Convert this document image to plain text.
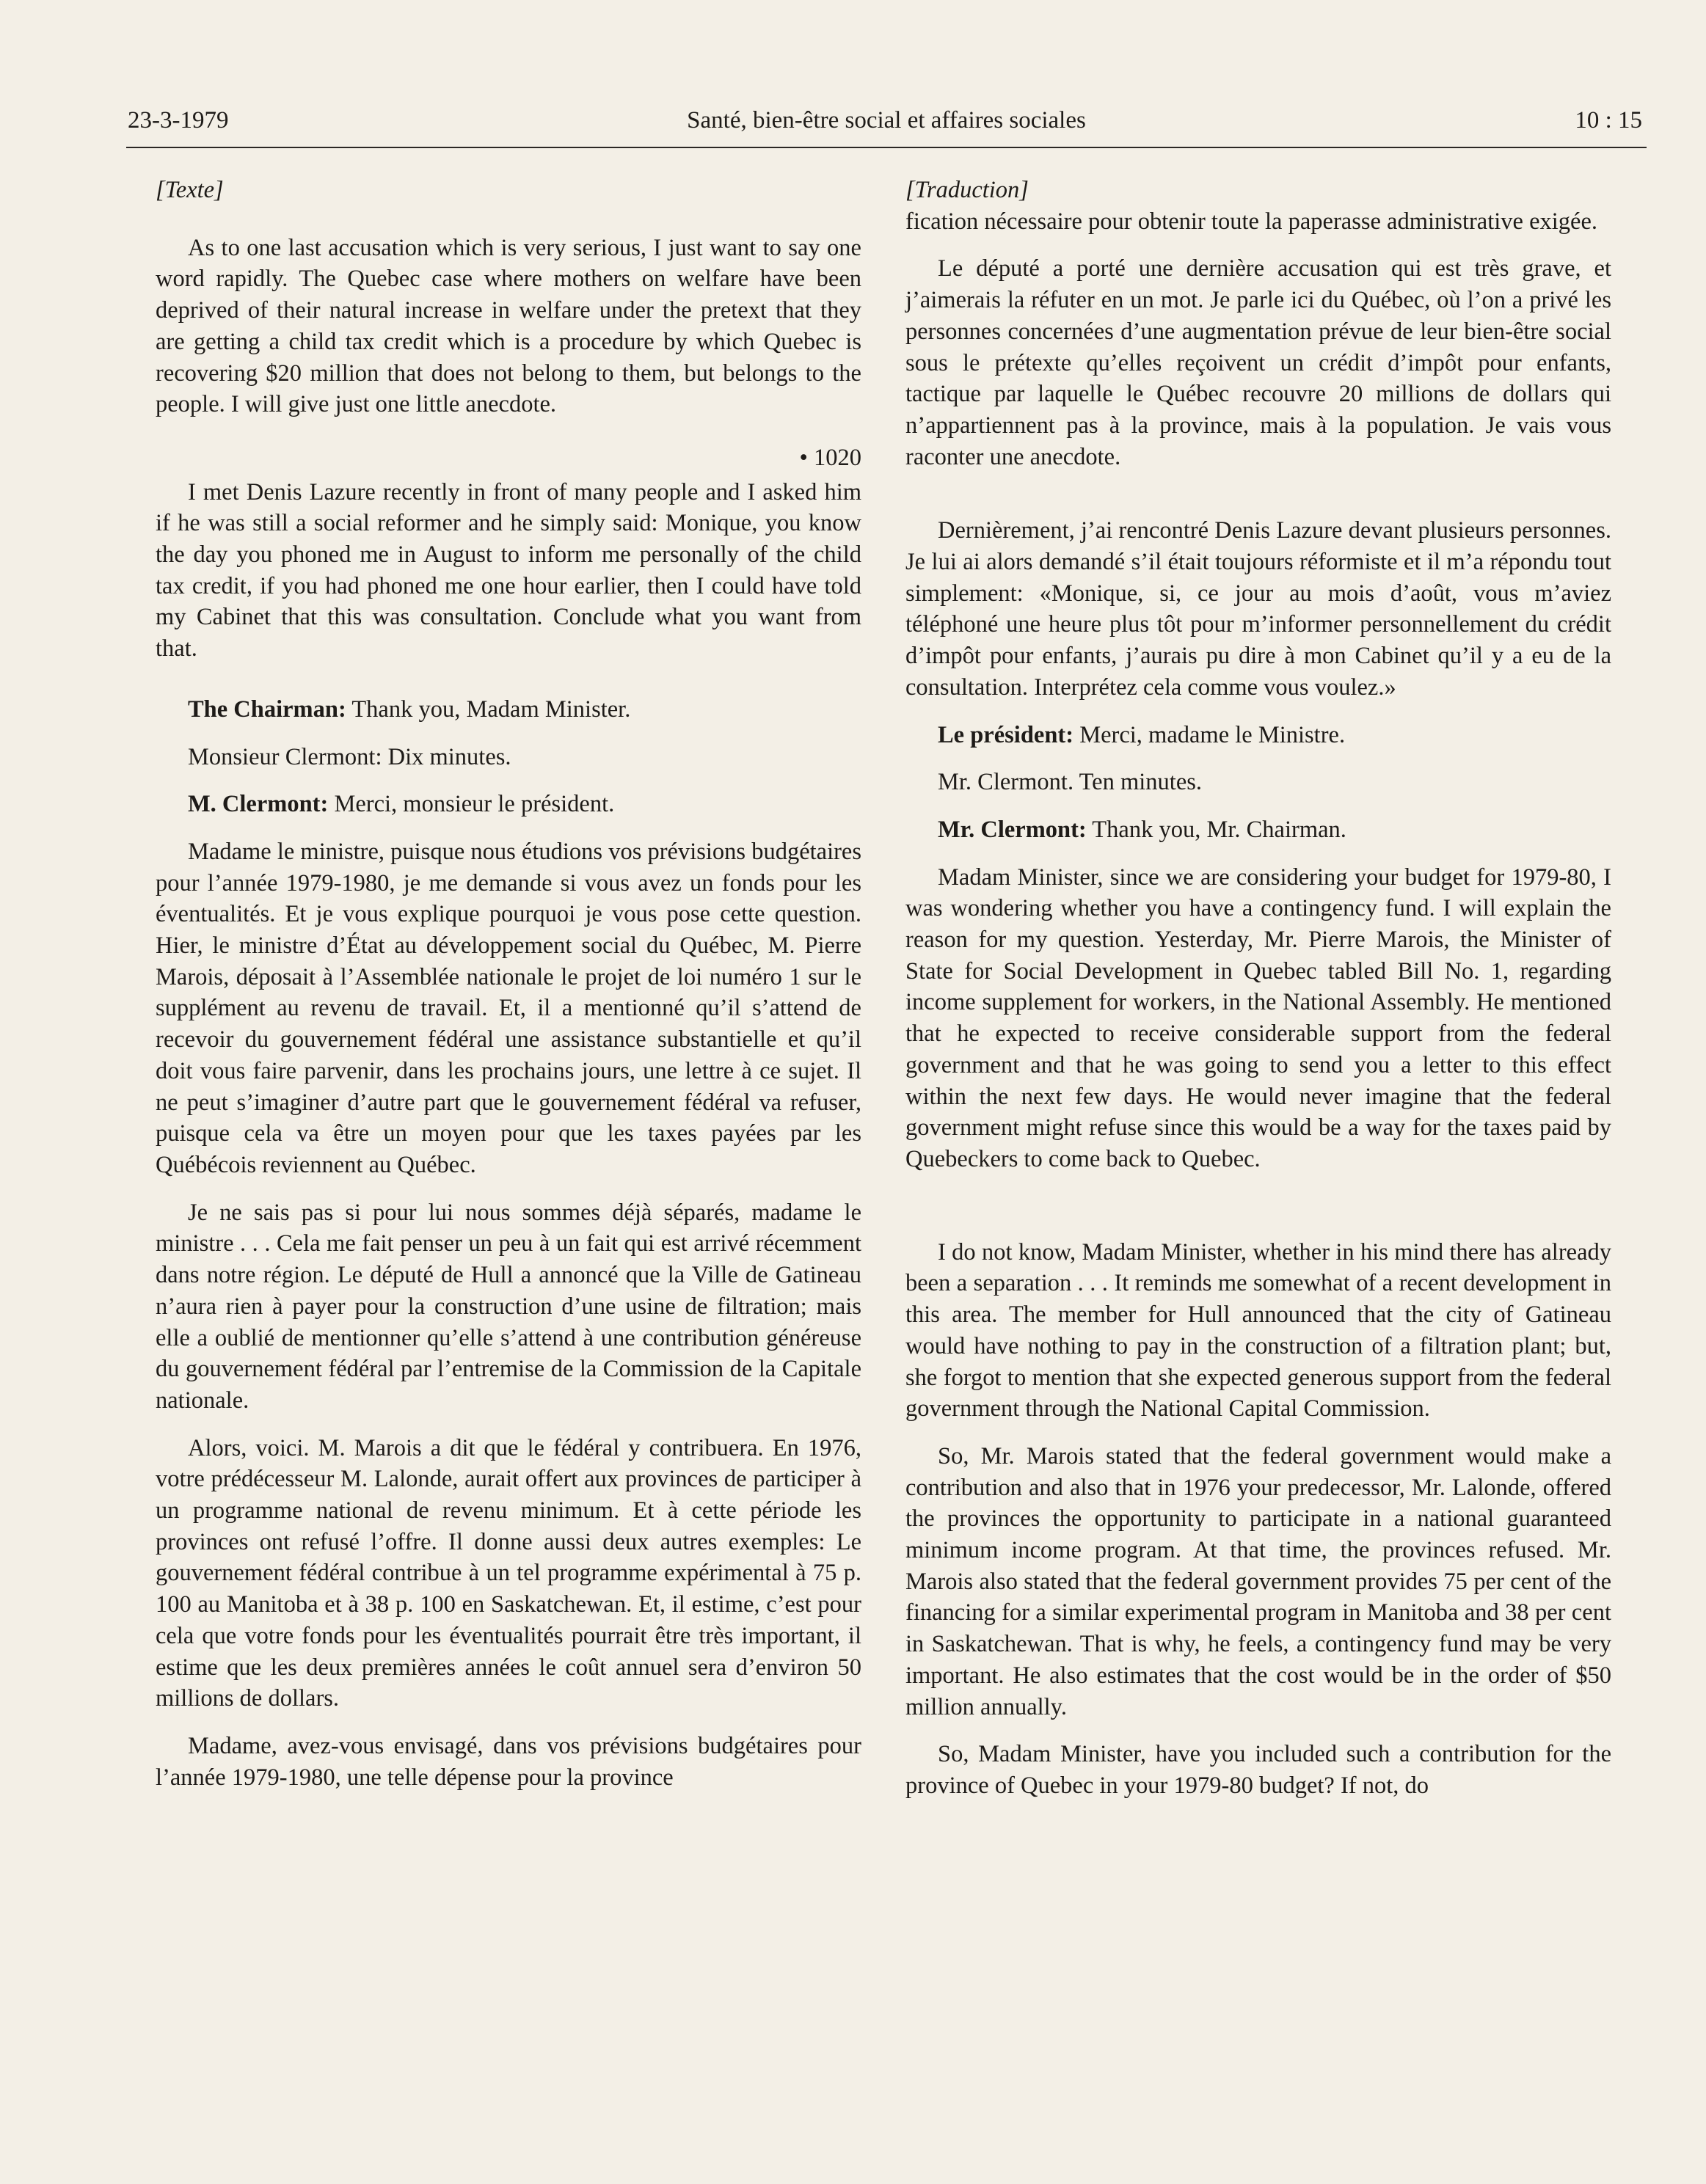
23-3-1979	Santé, bien-être social et affaires sociales	10 : 15

[Texte]

As to one last accusation which is very serious, I just want to say one word rapidly. The Quebec case where mothers on welfare have been deprived of their natural increase in welfare under the pretext that they are getting a child tax credit which is a procedure by which Quebec is recovering $20 million that does not belong to them, but belongs to the people. I will give just one little anecdote.

• 1020

I met Denis Lazure recently in front of many people and I asked him if he was still a social reformer and he simply said: Monique, you know the day you phoned me in August to inform me personally of the child tax credit, if you had phoned me one hour earlier, then I could have told my Cabinet that this was consultation. Conclude what you want from that.

The Chairman: Thank you, Madam Minister.

Monsieur Clermont: Dix minutes.

M. Clermont: Merci, monsieur le président.

Madame le ministre, puisque nous étudions vos prévisions budgétaires pour l’année 1979-1980, je me demande si vous avez un fonds pour les éventualités. Et je vous explique pourquoi je vous pose cette question. Hier, le ministre d’État au développement social du Québec, M. Pierre Marois, déposait à l’Assemblée nationale le projet de loi numéro 1 sur le supplément au revenu de travail. Et, il a mentionné qu’il s’attend de recevoir du gouvernement fédéral une assistance substantielle et qu’il doit vous faire parvenir, dans les prochains jours, une lettre à ce sujet. Il ne peut s’imaginer d’autre part que le gouvernement fédéral va refuser, puisque cela va être un moyen pour que les taxes payées par les Québécois reviennent au Québec.

Je ne sais pas si pour lui nous sommes déjà séparés, madame le ministre . . . Cela me fait penser un peu à un fait qui est arrivé récemment dans notre région. Le député de Hull a annoncé que la Ville de Gatineau n’aura rien à payer pour la construction d’une usine de filtration; mais elle a oublié de mentionner qu’elle s’attend à une contribution généreuse du gouvernement fédéral par l’entremise de la Commission de la Capitale nationale.

Alors, voici. M. Marois a dit que le fédéral y contribuera. En 1976, votre prédécesseur M. Lalonde, aurait offert aux provinces de participer à un programme national de revenu minimum. Et à cette période les provinces ont refusé l’offre. Il donne aussi deux autres exemples: Le gouvernement fédéral contribue à un tel programme expérimental à 75 p. 100 au Manitoba et à 38 p. 100 en Saskatchewan. Et, il estime, c’est pour cela que votre fonds pour les éventualités pourrait être très important, il estime que les deux premières années le coût annuel sera d’environ 50 millions de dollars.

Madame, avez-vous envisagé, dans vos prévisions budgétaires pour l’année 1979-1980, une telle dépense pour la province

[Traduction]

fication nécessaire pour obtenir toute la paperasse administrative exigée.

Le député a porté une dernière accusation qui est très grave, et j’aimerais la réfuter en un mot. Je parle ici du Québec, où l’on a privé les personnes concernées d’une augmentation prévue de leur bien-être social sous le prétexte qu’elles reçoivent un crédit d’impôt pour enfants, tactique par laquelle le Québec recouvre 20 millions de dollars qui n’appartiennent pas à la province, mais à la population. Je vais vous raconter une anecdote.

Dernièrement, j’ai rencontré Denis Lazure devant plusieurs personnes. Je lui ai alors demandé s’il était toujours réformiste et il m’a répondu tout simplement: «Monique, si, ce jour au mois d’août, vous m’aviez téléphoné une heure plus tôt pour m’informer personnellement du crédit d’impôt pour enfants, j’aurais pu dire à mon Cabinet qu’il y a eu de la consultation. Interprétez cela comme vous voulez.»

Le président: Merci, madame le Ministre.

Mr. Clermont. Ten minutes.

Mr. Clermont: Thank you, Mr. Chairman.

Madam Minister, since we are considering your budget for 1979-80, I was wondering whether you have a contingency fund. I will explain the reason for my question. Yesterday, Mr. Pierre Marois, the Minister of State for Social Development in Quebec tabled Bill No. 1, regarding income supplement for workers, in the National Assembly. He mentioned that he expected to receive considerable support from the federal government and that he was going to send you a letter to this effect within the next few days. He would never imagine that the federal government might refuse since this would be a way for the taxes paid by Quebeckers to come back to Quebec.

I do not know, Madam Minister, whether in his mind there has already been a separation . . . It reminds me somewhat of a recent development in this area. The member for Hull announced that the city of Gatineau would have nothing to pay in the construction of a filtration plant; but, she forgot to mention that she expected generous support from the federal government through the National Capital Commission.

So, Mr. Marois stated that the federal government would make a contribution and also that in 1976 your predecessor, Mr. Lalonde, offered the provinces the opportunity to participate in a national guaranteed minimum income program. At that time, the provinces refused. Mr. Marois also stated that the federal government provides 75 per cent of the financing for a similar experimental program in Manitoba and 38 per cent in Saskatchewan. That is why, he feels, a contingency fund may be very important. He also estimates that the cost would be in the order of $50 million annually.

So, Madam Minister, have you included such a contribution for the province of Quebec in your 1979-80 budget? If not, do
